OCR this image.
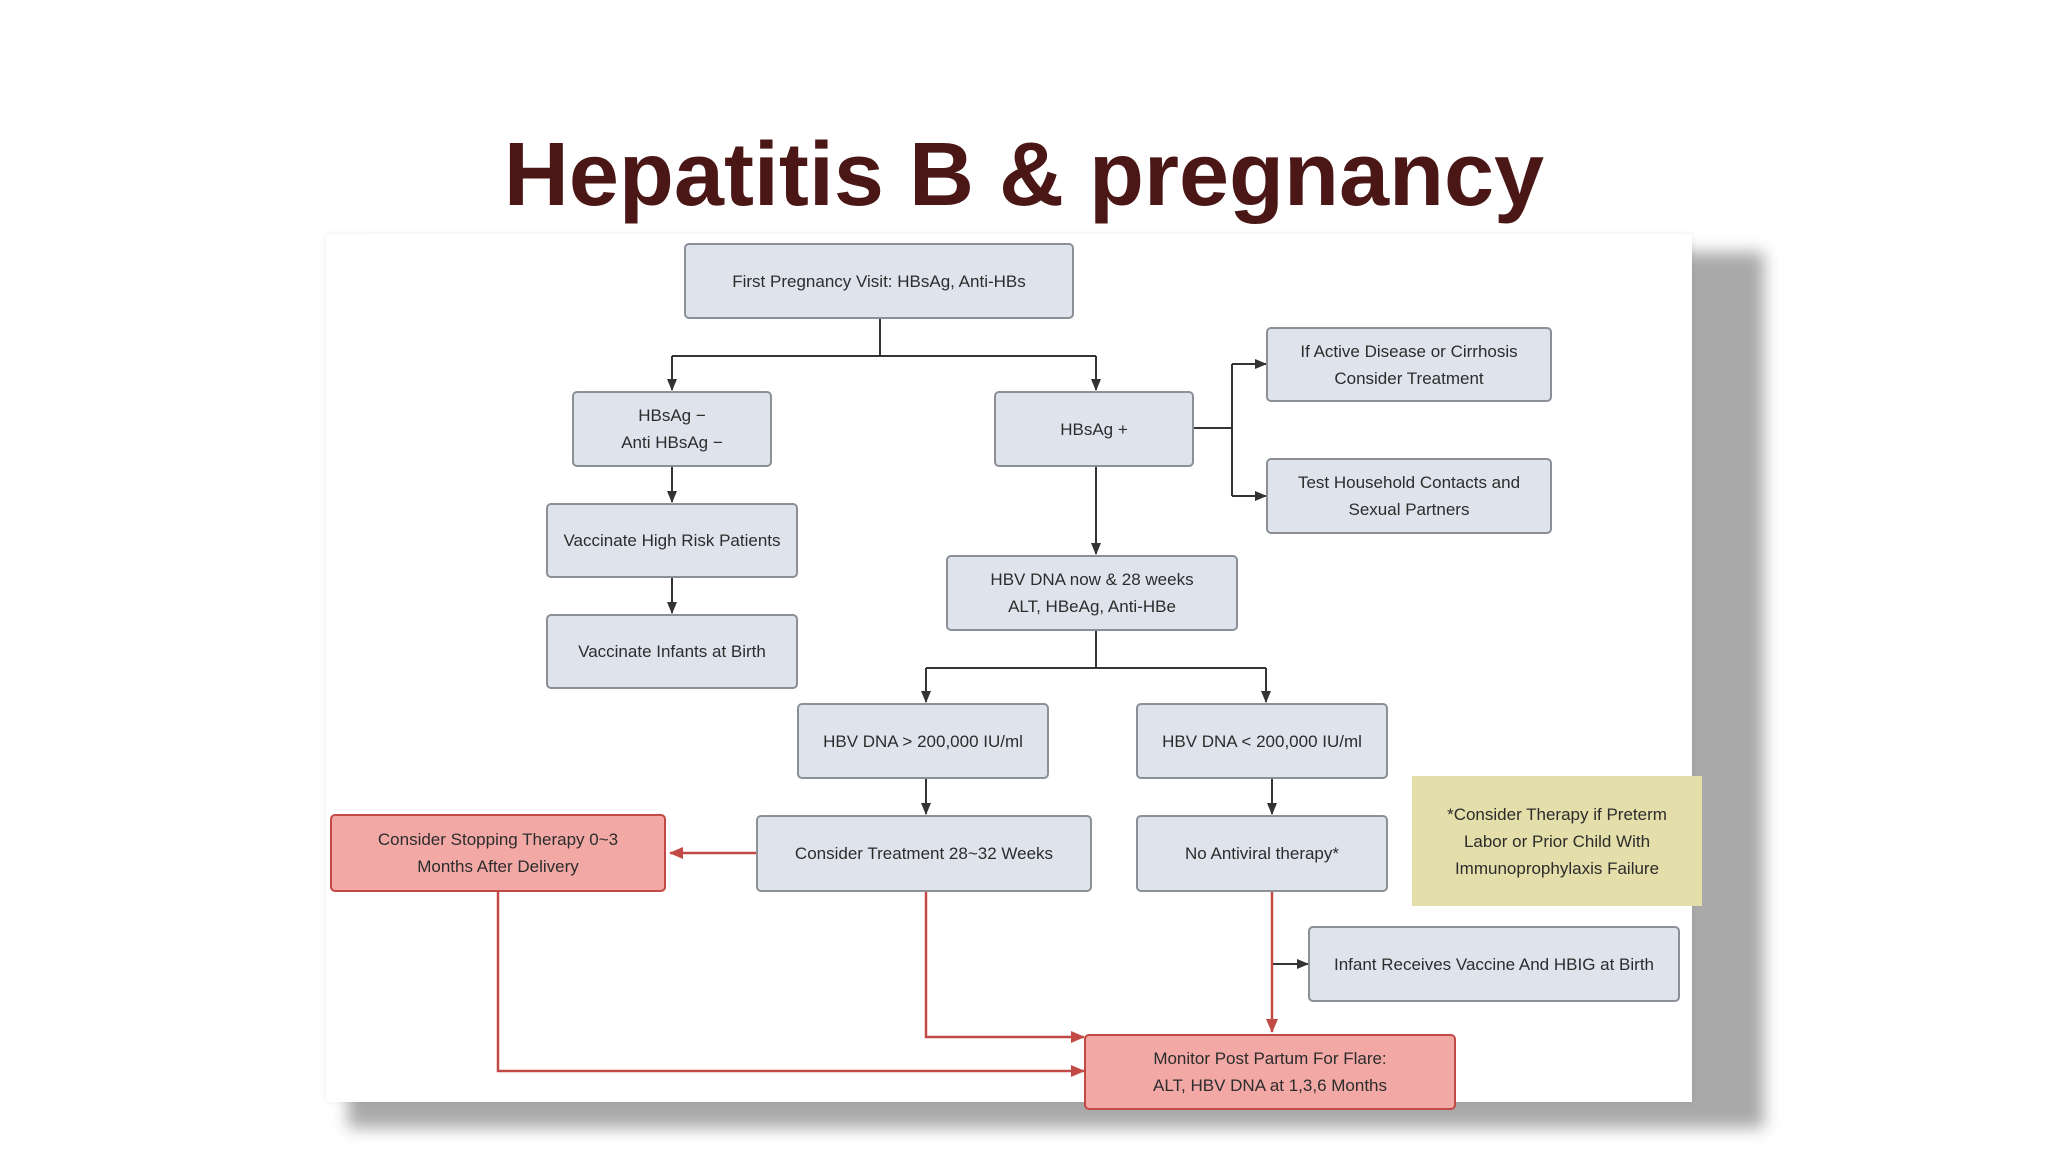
Hepatitis B & pregnancy
First Pregnancy Visit: HBsAg, Anti-HBs
HBsAg −
Anti HBsAg −
HBsAg +
If Active Disease or Cirrhosis
Consider Treatment
Test Household Contacts and
Sexual Partners
Vaccinate High Risk Patients
Vaccinate Infants at Birth
HBV DNA now & 28 weeks
ALT, HBeAg, Anti-HBe
HBV DNA > 200,000 IU/ml	HBV DNA < 200,000 IU/ml
Consider Stopping Therapy 0~3
Months After Delivery
Consider Treatment 28~32 Weeks	No Antiviral therapy*
*Consider Therapy if Preterm
Labor or Prior Child With
Immunoprophylaxis Failure
Infant Receives Vaccine And HBIG at Birth
Monitor Post Partum For Flare:
ALT, HBV DNA at 1,3,6 Months
